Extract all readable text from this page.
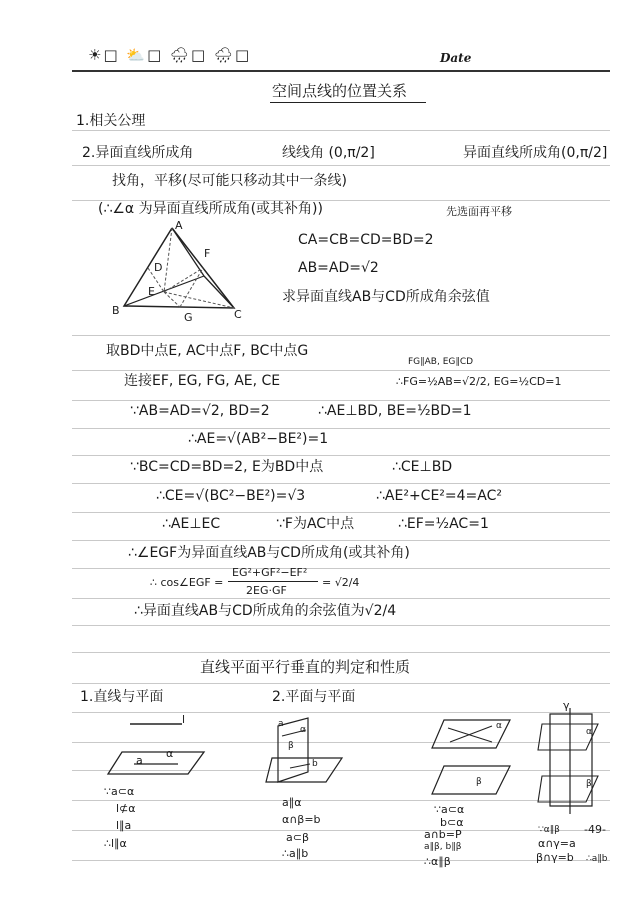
☀□ ⛅□ 🌧□ 🌧□	Date
空间点线的位置关系
1.相关公理
2.异面直线所成角	线线角 (0,π/2]	异面直线所成角(0,π/2]
找角，平移(尽可能只移动其中一条线)
(∴∠α 为异面直线所成角(或其补角))	先选面再平移
A
B	C
D
E
F
G
CA=CB=CD=BD=2
AB=AD=√2
求异面直线AB与CD所成角余弦值
取BD中点E, AC中点F, BC中点G
连接EF, EG, FG, AE, CE
FG∥AB, EG∥CD
∴FG=½AB=√2/2, EG=½CD=1
∵AB=AD=√2, BD=2	∴AE⊥BD, BE=½BD=1
∴AE=√(AB²−BE²)=1
∵BC=CD=BD=2, E为BD中点	∴CE⊥BD
∴CE=√(BC²−BE²)=√3	∴AE²+CE²=4=AC²
∴AE⊥EC	∵F为AC中点	∴EF=½AC=1
∴∠EGF为异面直线AB与CD所成角(或其补角)
∴ cos∠EGF =
EG²+GF²−EF²
2EG·GF
= √2/4
∴异面直线AB与CD所成角的余弦值为√2/4
直线平面平行垂直的判定和性质
1.直线与平面	2.平面与平面
l
a
α
∵a⊂α
l⊄α
l∥a
∴l∥α
α
β
a
b
a∥α
α∩β=b
a⊂β
∴a∥b
α
β
∵a⊂α
b⊂α
a∩b=P
a∥β, b∥β
∴α∥β
γ
α
β
∵α∥β
α∩γ=a
β∩γ=b ∴a∥b
-49-
